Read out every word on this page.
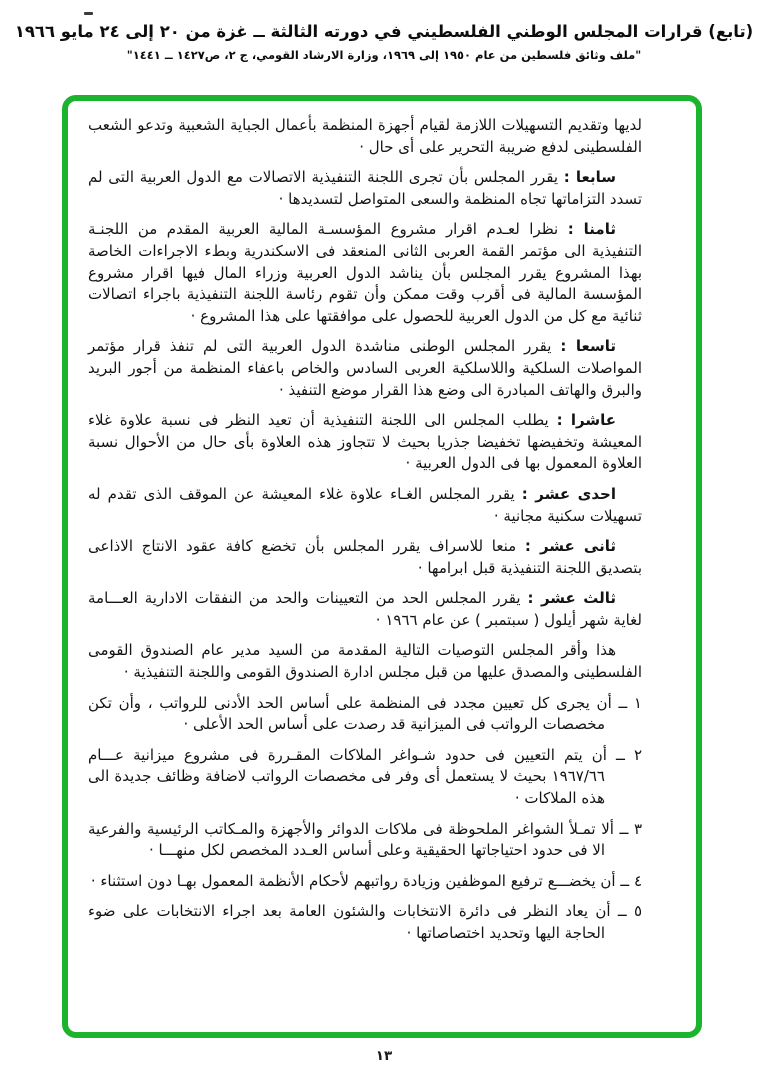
(تابع) قرارات المجلس الوطني الفلسطيني في دورته الثالثة ــ غزة من ٢٠ إلى ٢٤ مايو ١٩٦٦
"ملف وثائق فلسطين من عام ١٩٥٠ إلى ١٩٦٩، وزارة الارشاد القومي، ج ٢، ص١٤٢٧ ــ ١٤٤١"

لديها وتقديم التسهيلات اللازمة لقيام أجهزة المنظمة بأعمال الجباية الشعبية وتدعو الشعب الفلسطينى لدفع ضريبة التحرير على أى حال ·

سابعا : يقرر المجلس بأن تجرى اللجنة التنفيذية الاتصالات مع الدول العربية التى لم تسدد التزاماتها تجاه المنظمة والسعى المتواصل لتسديدها ·

ثامنا : نظرا لعـدم اقرار مشروع المؤسسـة المالية العربية المقدم من اللجنـة التنفيذية الى مؤتمر القمة العربى الثانى المنعقد فى الاسكندرية وبطء الاجراءات الخاصة بهذا المشروع يقرر المجلس بأن يناشد الدول العربية وزراء المال فيها اقرار مشروع المؤسسة المالية فى أقرب وقت ممكن وأن تقوم رئاسة اللجنة التنفيذية باجراء اتصالات ثنائية مع كل من الدول العربية للحصول على موافقتها على هذا المشروع ·

تاسعا : يقرر المجلس الوطنى مناشدة الدول العربية التى لم تنفذ قرار مؤتمر المواصلات السلكية واللاسلكية العربى السادس والخاص باعفاء المنظمة من أجور البريد والبرق والهاتف المبادرة الى وضع هذا القرار موضع التنفيذ ·

عاشرا : يطلب المجلس الى اللجنة التنفيذية أن تعيد النظر فى نسبة علاوة غلاء المعيشة وتخفيضها تخفيضا جذريا بحيث لا تتجاوز هذه العلاوة بأى حال من الأحوال نسبة العلاوة المعمول بها فى الدول العربية ·

احدى عشر : يقرر المجلس الغـاء علاوة غلاء المعيشة عن الموقف الذى تقدم له تسهيلات سكنية مجانية ·

ثانى عشر : منعا للاسراف يقرر المجلس بأن تخضع كافة عقود الانتاج الاذاعى بتصديق اللجنة التنفيذية قبل ابرامها ·

ثالث عشر : يقرر المجلس الحد من التعيينات والحد من النفقات الادارية العـــامة لغاية شهر أيلول ( سبتمبر ) عن عام ١٩٦٦ ·

هذا وأقر المجلس التوصيات التالية المقدمة من السيد مدير عام الصندوق القومى الفلسطينى والمصدق عليها من قبل مجلس ادارة الصندوق القومى واللجنة التنفيذية ·

١ ــ أن يجرى كل تعيين مجدد فى المنظمة على أساس الحد الأدنى للرواتب ، وأن تكن مخصصات الرواتب فى الميزانية قد رصدت على أساس الحد الأعلى ·

٢ ــ أن يتم التعيين فى حدود شـواغر الملاكات المقـررة فى مشروع ميزانية عـــام ١٩٦٧/٦٦ بحيث لا يستعمل أى وفر فى مخصصات الرواتب لاضافة وظائف جديدة الى هذه الملاكات ·

٣ ــ ألا تمـلأ الشواغر الملحوظة فى ملاكات الدوائر والأجهزة والمـكاتب الرئيسية والفرعية الا فى حدود احتياجاتها الحقيقية وعلى أساس العـدد المخصص لكل منهـــا ·

٤ ــ أن يخضـــع ترفيع الموظفين وزيادة رواتبهم لأحكام الأنظمة المعمول بهـا دون استثناء ·

٥ ــ أن يعاد النظر فى دائرة الانتخابات والشئون العامة بعد اجراء الانتخابات على ضوء الحاجة اليها وتحديد اختصاصاتها ·

١٣
